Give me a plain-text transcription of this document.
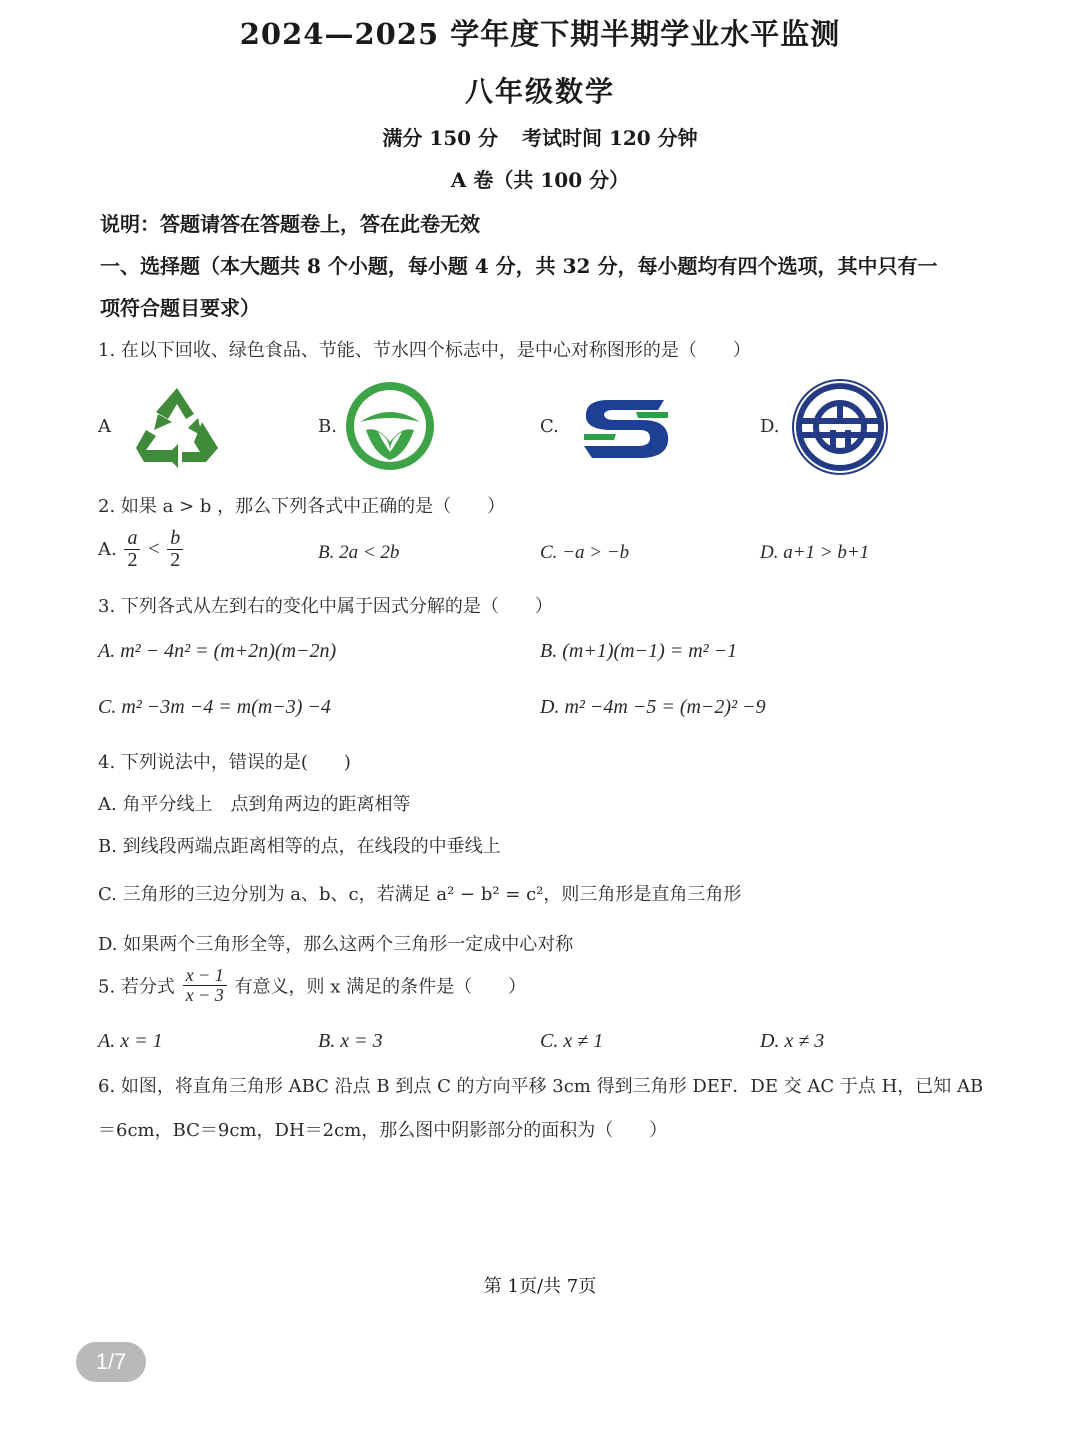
2024—2025 学年度下期半期学业水平监测
八年级数学
满分 150 分 考试时间 120 分钟
A 卷（共 100 分）
说明：答题请答在答题卷上，答在此卷无效
一、选择题（本大题共 8 个小题，每小题 4 分，共 32 分，每小题均有四个选项，其中只有一
项符合题目要求）
1. 在以下回收、绿色食品、节能、节水四个标志中，是中心对称图形的是（　　）
A	B.	C.	D.
2. 如果 a > b ，那么下列各式中正确的是（　　）
A. $\frac{a}{2} < \frac{b}{2}$	B. 2a < 2b	C. −a > −b	D. a+1 > b+1
3. 下列各式从左到右的变化中属于因式分解的是（　　）
A. m² − 4n² = (m+2n)(m−2n)	B. (m+1)(m−1) = m² −1
C. m² −3m −4 = m(m−3) −4	D. m² −4m −5 = (m−2)² −9
4. 下列说法中，错误的是(　　)
A. 角平分线上　点到角两边的距离相等
B. 到线段两端点距离相等的点，在线段的中垂线上
C. 三角形的三边分别为 a、b、c，若满足 a² − b² = c²，则三角形是直角三角形
D. 如果两个三角形全等，那么这两个三角形一定成中心对称
5. 若分式 $\frac{x - 1}{x - 3}$ 有意义，则 x 满足的条件是（　　）
A. x = 1	B. x = 3	C. x ≠ 1	D. x ≠ 3
6. 如图，将直角三角形 ABC 沿点 B 到点 C 的方向平移 3cm 得到三角形 DEF．DE 交 AC 于点 H，已知 AB
＝6cm，BC＝9cm，DH＝2cm，那么图中阴影部分的面积为（　　）
第 1页/共 7页
1/7
